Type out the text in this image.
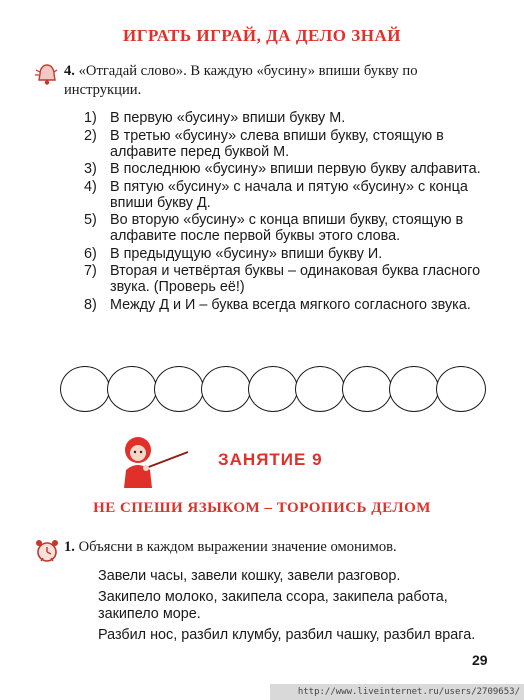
ИГРАТЬ ИГРАЙ, ДА ДЕЛО ЗНАЙ
4. «Отгадай слово». В каждую «бусину» впиши букву по
инструкции.
1) В первую «бусину» впиши букву М.
2) В третью «бусину» слева впиши букву, стоящую в алфавите перед буквой М.
3) В последнюю «бусину» впиши первую букву алфавита.
4) В пятую «бусину» с начала и пятую «бусину» с конца впиши букву Д.
5) Во вторую «бусину» с конца впиши букву, стоящую в алфавите после первой буквы этого слова.
6) В предыдущую «бусину» впиши букву И.
7) Вторая и четвёртая буквы – одинаковая буква гласного звука. (Проверь её!)
8) Между Д и И – буква всегда мягкого согласного звука.
ЗАНЯТИЕ 9
НЕ СПЕШИ ЯЗЫКОМ – ТОРОПИСЬ ДЕЛОМ
1. Объясни в каждом выражении значение омонимов.

Завели часы, завели кошку, завели разговор.

Закипело молоко, закипела ссора, закипела работа, закипело море.

Разбил нос, разбил клумбу, разбил чашку, разбил врага.

29
http://www.liveinternet.ru/users/2709653/
